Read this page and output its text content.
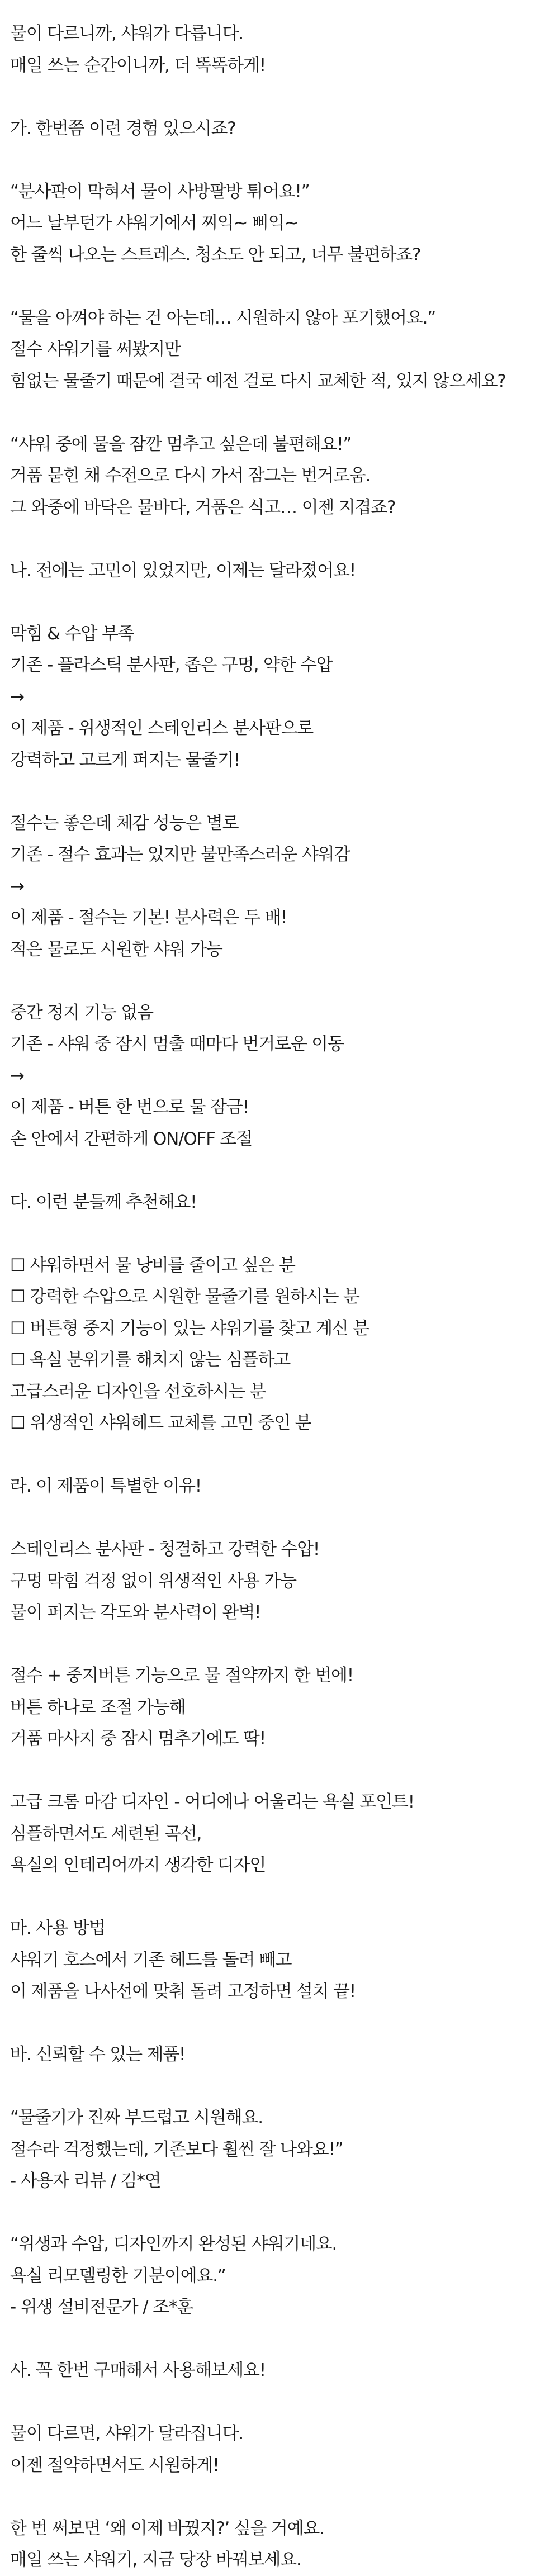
물이 다르니까, 샤워가 다릅니다.
매일 쓰는 순간이니까, 더 똑똑하게!
가. 한번쯤 이런 경험 있으시죠?
“분사판이 막혀서 물이 사방팔방 튀어요!”
어느 날부턴가 샤워기에서 찌익~ 삐익~
한 줄씩 나오는 스트레스. 청소도 안 되고, 너무 불편하죠?
“물을 아껴야 하는 건 아는데… 시원하지 않아 포기했어요.”
절수 샤워기를 써봤지만
힘없는 물줄기 때문에 결국 예전 걸로 다시 교체한 적, 있지 않으세요?
“샤워 중에 물을 잠깐 멈추고 싶은데 불편해요!”
거품 묻힌 채 수전으로 다시 가서 잠그는 번거로움.
그 와중에 바닥은 물바다, 거품은 식고… 이젠 지겹죠?
나. 전에는 고민이 있었지만, 이제는 달라졌어요!
막힘 & 수압 부족
기존 - 플라스틱 분사판, 좁은 구멍, 약한 수압
→
이 제품 - 위생적인 스테인리스 분사판으로
강력하고 고르게 퍼지는 물줄기!
절수는 좋은데 체감 성능은 별로
기존 - 절수 효과는 있지만 불만족스러운 샤워감
→
이 제품 - 절수는 기본! 분사력은 두 배!
적은 물로도 시원한 샤워 가능
중간 정지 기능 없음
기존 - 샤워 중 잠시 멈출 때마다 번거로운 이동
→
이 제품 - 버튼 한 번으로 물 잠금!
손 안에서 간편하게 ON/OFF 조절
다. 이런 분들께 추천해요!
☐ 샤워하면서 물 낭비를 줄이고 싶은 분
☐ 강력한 수압으로 시원한 물줄기를 원하시는 분
☐ 버튼형 중지 기능이 있는 샤워기를 찾고 계신 분
☐ 욕실 분위기를 해치지 않는 심플하고
고급스러운 디자인을 선호하시는 분
☐ 위생적인 샤워헤드 교체를 고민 중인 분
라. 이 제품이 특별한 이유!
스테인리스 분사판 - 청결하고 강력한 수압!
구멍 막힘 걱정 없이 위생적인 사용 가능
물이 퍼지는 각도와 분사력이 완벽!
절수 + 중지버튼 기능으로 물 절약까지 한 번에!
버튼 하나로 조절 가능해
거품 마사지 중 잠시 멈추기에도 딱!
고급 크롬 마감 디자인 - 어디에나 어울리는 욕실 포인트!
심플하면서도 세련된 곡선,
욕실의 인테리어까지 생각한 디자인
마. 사용 방법
샤워기 호스에서 기존 헤드를 돌려 빼고
이 제품을 나사선에 맞춰 돌려 고정하면 설치 끝!
바. 신뢰할 수 있는 제품!
“물줄기가 진짜 부드럽고 시원해요.
절수라 걱정했는데, 기존보다 훨씬 잘 나와요!”
- 사용자 리뷰 / 김*연
“위생과 수압, 디자인까지 완성된 샤워기네요.
욕실 리모델링한 기분이에요.”
- 위생 설비전문가 / 조*훈
사. 꼭 한번 구매해서 사용해보세요!
물이 다르면, 샤워가 달라집니다.
이젠 절약하면서도 시원하게!
한 번 써보면 ‘왜 이제 바꿨지?’ 싶을 거예요.
매일 쓰는 샤워기, 지금 당장 바꿔보세요.
